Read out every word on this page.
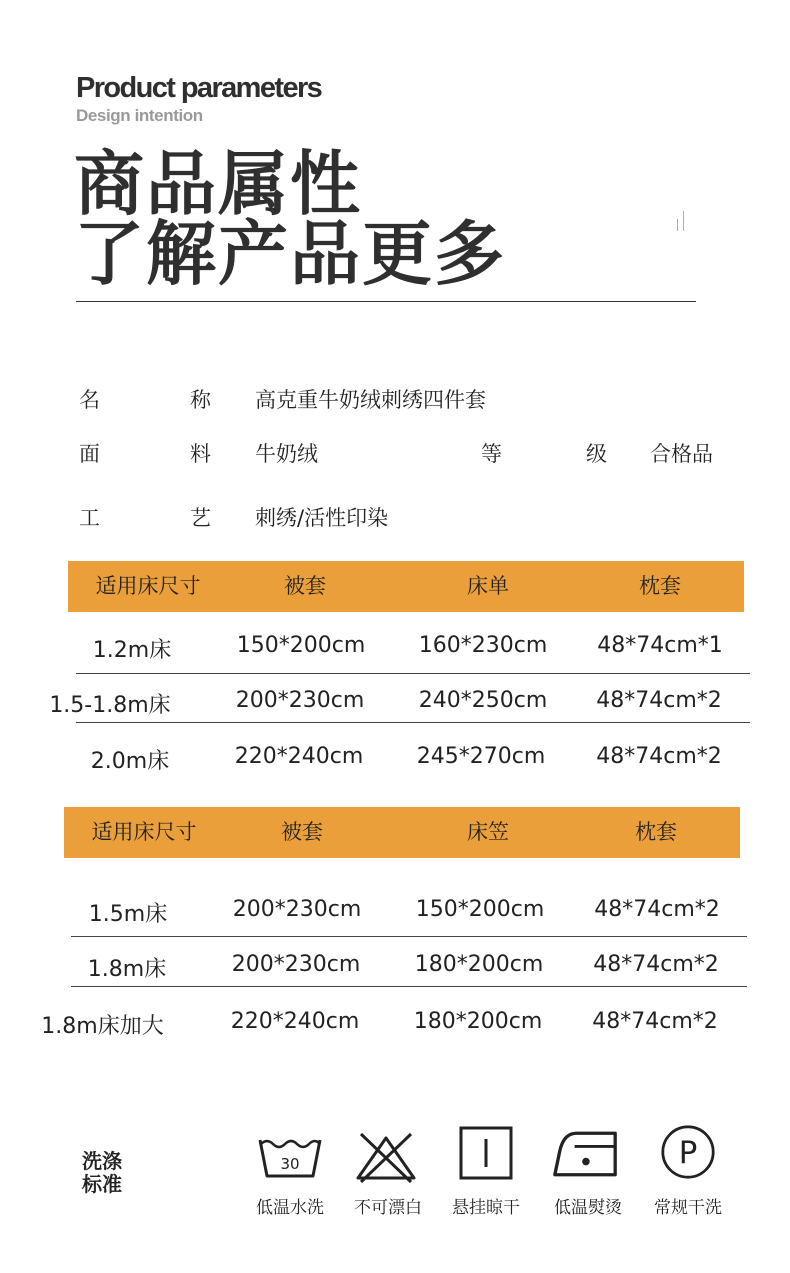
Product parameters
Design intention
商品属性
了解产品更多
名	称 高克重牛奶绒刺绣四件套
面	料 牛奶绒	等	级 合格品
工	艺 刺绣/活性印染
适用床尺寸	被套	床单	枕套
1.2m床	150*200cm	160*230cm	48*74cm*1
1.5-1.8m床	200*230cm	240*250cm	48*74cm*2
2.0m床	220*240cm	245*270cm	48*74cm*2
适用床尺寸	被套	床笠	枕套
1.5m床	200*230cm	150*200cm	48*74cm*2
1.8m床	200*230cm	180*200cm	48*74cm*2
1.8m床加大	220*240cm	180*200cm	48*74cm*2
洗涤标准
30	P
低温水洗	不可漂白	悬挂晾干	低温熨烫	常规干洗
